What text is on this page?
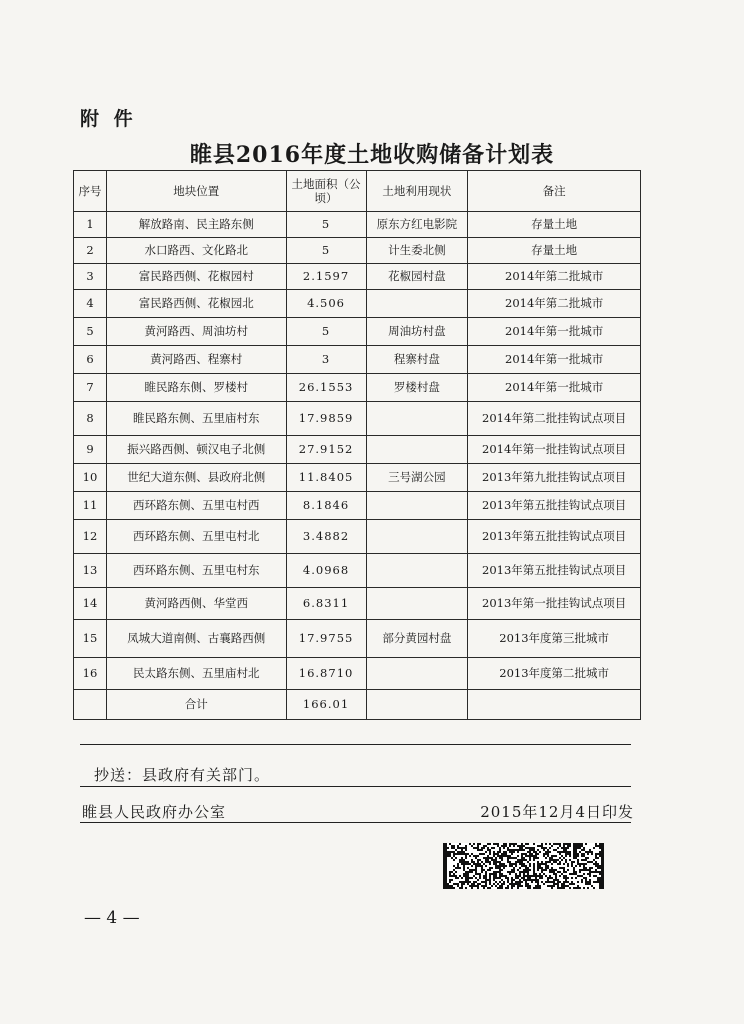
附 件
睢县2016年度土地收购储备计划表
序号	地块位置	土地面积（公顷）	土地利用现状	备注
1	解放路南、民主路东侧	5	原东方红电影院	存量土地
2	水口路西、文化路北	5	计生委北侧	存量土地
3	富民路西侧、花椒园村	2.1597	花椒园村盘	2014年第二批城市
4	富民路西侧、花椒园北	4.506		2014年第二批城市
5	黄河路西、周油坊村	5	周油坊村盘	2014年第一批城市
6	黄河路西、程寨村	3	程寨村盘	2014年第一批城市
7	睢民路东侧、罗楼村	26.1553	罗楼村盘	2014年第一批城市
8	睢民路东侧、五里庙村东	17.9859		2014年第二批挂钩试点项目
9	振兴路西侧、顿汉电子北侧	27.9152		2014年第一批挂钩试点项目
10	世纪大道东侧、县政府北侧	11.8405	三号湖公园	2013年第九批挂钩试点项目
11	西环路东侧、五里屯村西	8.1846		2013年第五批挂钩试点项目
12	西环路东侧、五里屯村北	3.4882		2013年第五批挂钩试点项目
13	西环路东侧、五里屯村东	4.0968		2013年第五批挂钩试点项目
14	黄河路西侧、华堂西	6.8311		2013年第一批挂钩试点项目
15	凤城大道南侧、古襄路西侧	17.9755	部分黄园村盘	2013年度第三批城市
16	民太路东侧、五里庙村北	16.8710		2013年度第二批城市
	合计	166.01		
抄送：县政府有关部门。
睢县人民政府办公室	2015年12月4日印发
— 4 —
